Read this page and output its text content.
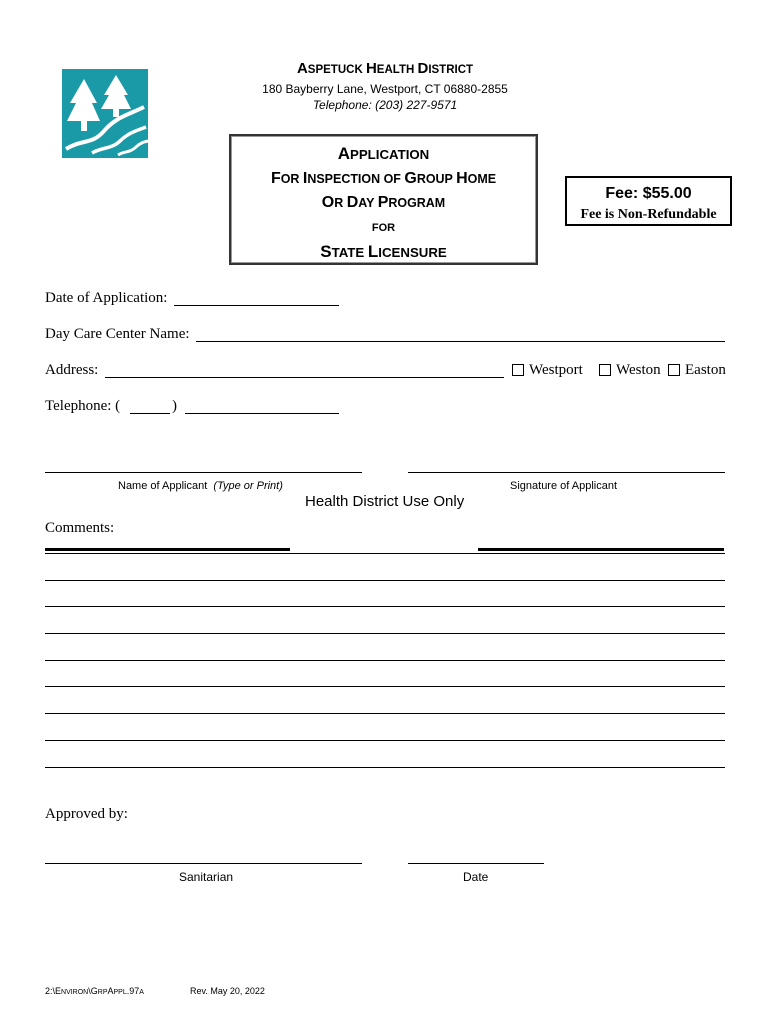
ASPETUCK HEALTH DISTRICT
180 Bayberry Lane, Westport, CT 06880-2855
Telephone: (203) 227-9571
APPLICATION
FOR INSPECTION OF GROUP HOME
OR DAY PROGRAM
FOR
STATE LICENSURE
Fee: $55.00
Fee is Non-Refundable
Date of Application:
Day Care Center Name:
Address:	Westport Weston Easton
Telephone: (	)
Name of Applicant (Type or Print)	Signature of Applicant
Health District Use Only
Comments:
Approved by:
Sanitarian	Date
2:\ENVIRON\GRPAPPL.97A	Rev. May 20, 2022
